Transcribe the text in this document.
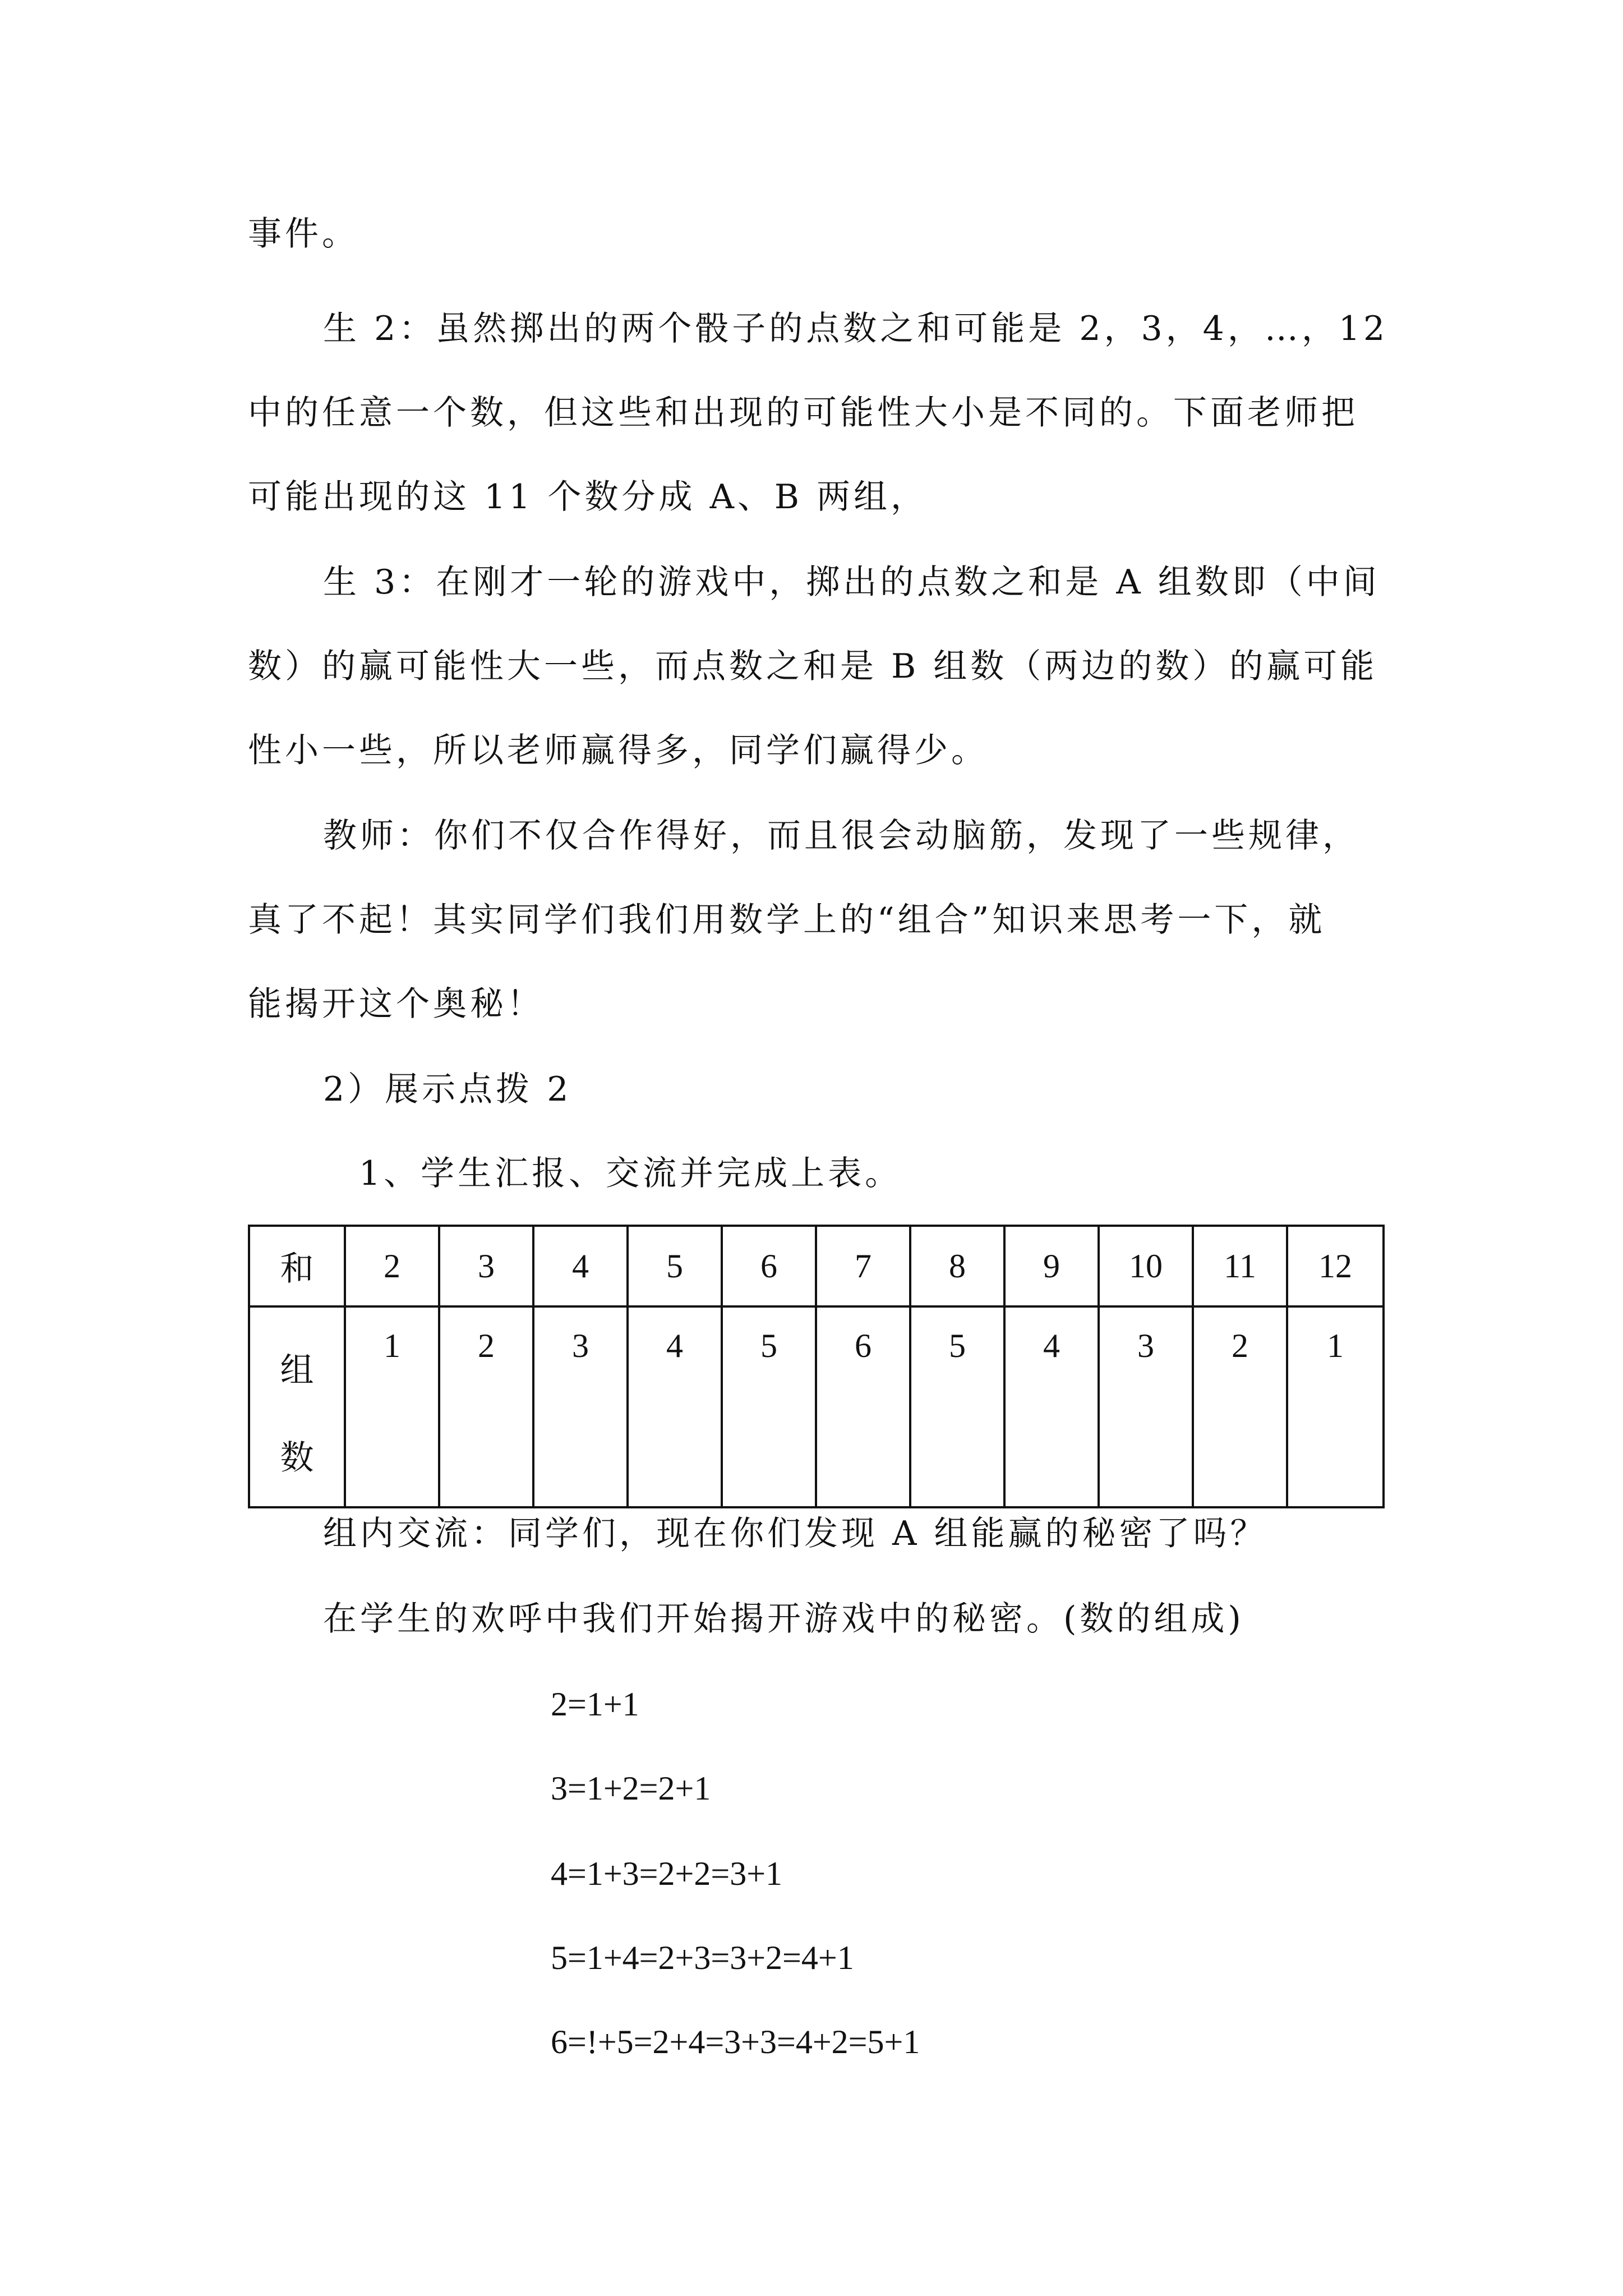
事件。
生 2：虽然掷出的两个骰子的点数之和可能是 2，3，4，…，12
中的任意一个数，但这些和出现的可能性大小是不同的。下面老师把
可能出现的这 11 个数分成 A、B 两组，
生 3：在刚才一轮的游戏中，掷出的点数之和是 A 组数即（中间
数）的赢可能性大一些，而点数之和是 B 组数（两边的数）的赢可能
性小一些，所以老师赢得多，同学们赢得少。
教师：你们不仅合作得好，而且很会动脑筋，发现了一些规律，
真了不起！其实同学们我们用数学上的“组合”知识来思考一下，就
能揭开这个奥秘！
2）展示点拨 2
1、学生汇报、交流并完成上表。
和	2	3	4	5	6	7	8	9	10	11	12
组
数	1	2	3	4	5	6	5	4	3	2	1
组内交流：同学们，现在你们发现 A 组能赢的秘密了吗？
在学生的欢呼中我们开始揭开游戏中的秘密。(数的组成)
2=1+1
3=1+2=2+1
4=1+3=2+2=3+1
5=1+4=2+3=3+2=4+1
6=!+5=2+4=3+3=4+2=5+1
